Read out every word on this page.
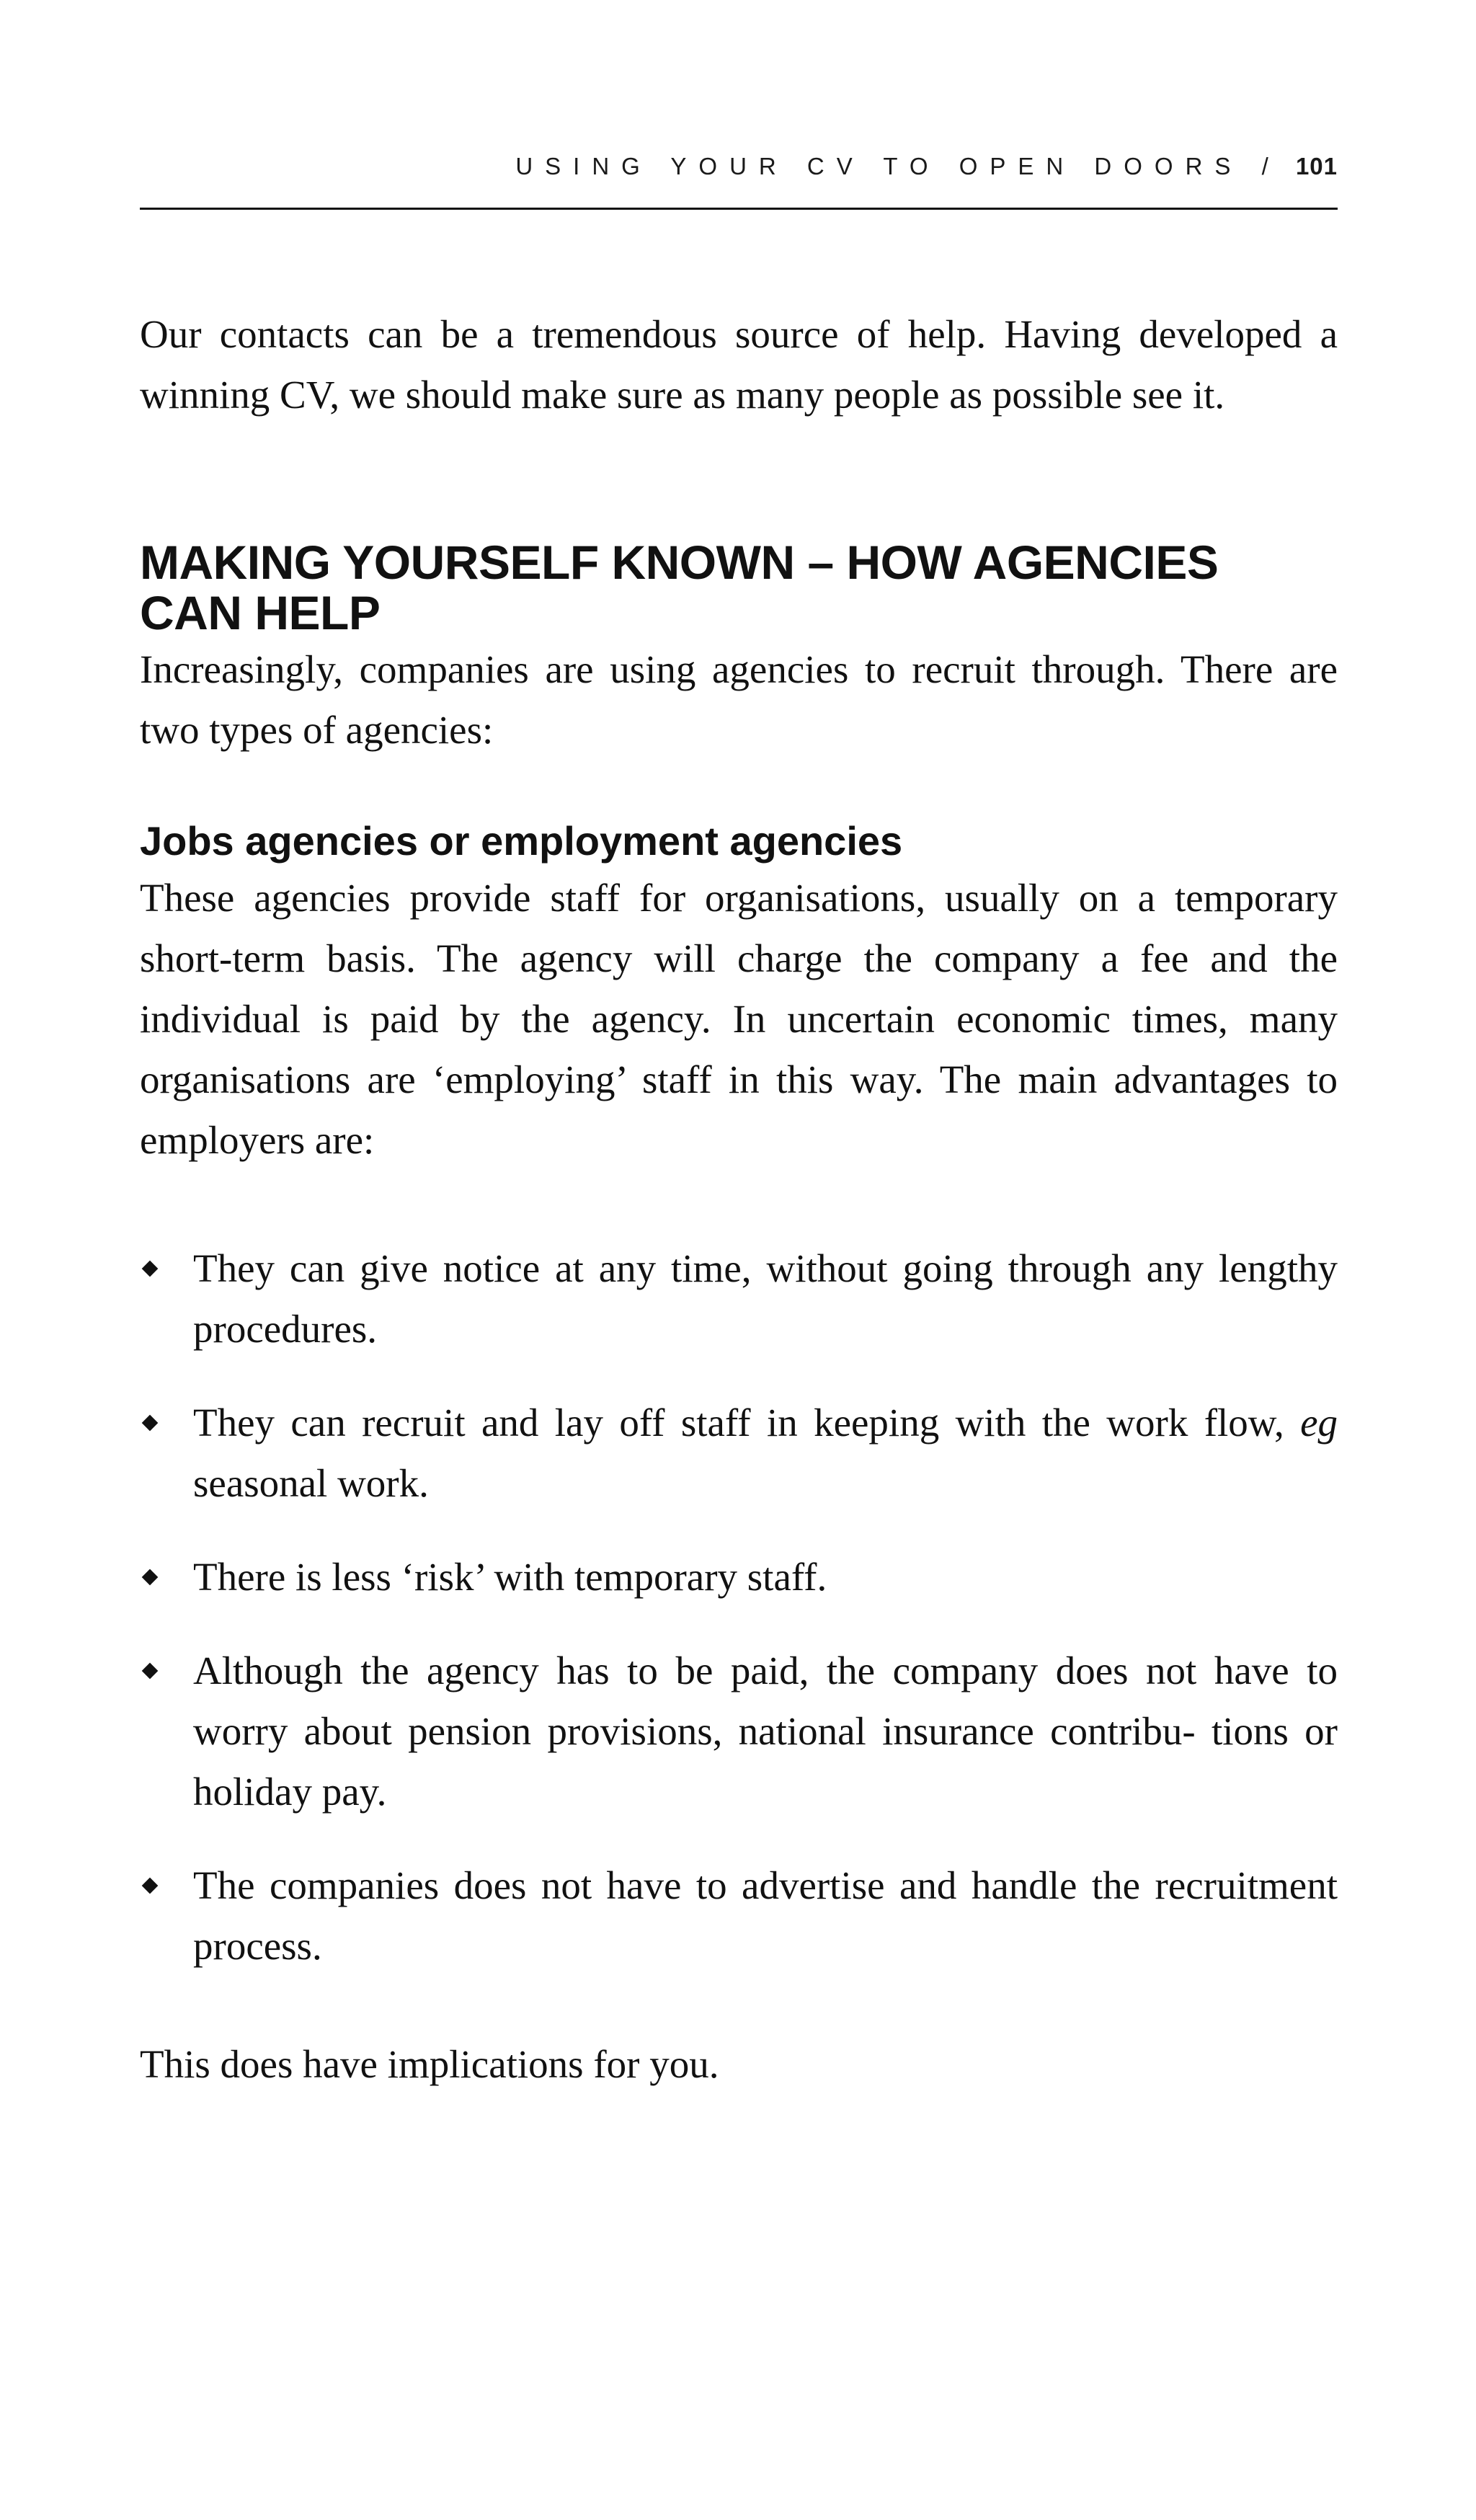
USING YOUR CV TO OPEN DOORS / 101

Our contacts can be a tremendous source of help. Having developed a winning CV, we should make sure as many people as possible see it.

MAKING YOURSELF KNOWN – HOW AGENCIES CAN HELP

Increasingly, companies are using agencies to recruit through. There are two types of agencies:

Jobs agencies or employment agencies

These agencies provide staff for organisations, usually on a temporary short-term basis. The agency will charge the company a fee and the individual is paid by the agency. In uncertain economic times, many organisations are ‘employing’ staff in this way. The main advantages to employers are:

They can give notice at any time, without going through any lengthy procedures.
They can recruit and lay off staff in keeping with the work flow, eg seasonal work.
There is less ‘risk’ with temporary staff.
Although the agency has to be paid, the company does not have to worry about pension provisions, national insurance contribu- tions or holiday pay.
The companies does not have to advertise and handle the recruitment process.

This does have implications for you.
